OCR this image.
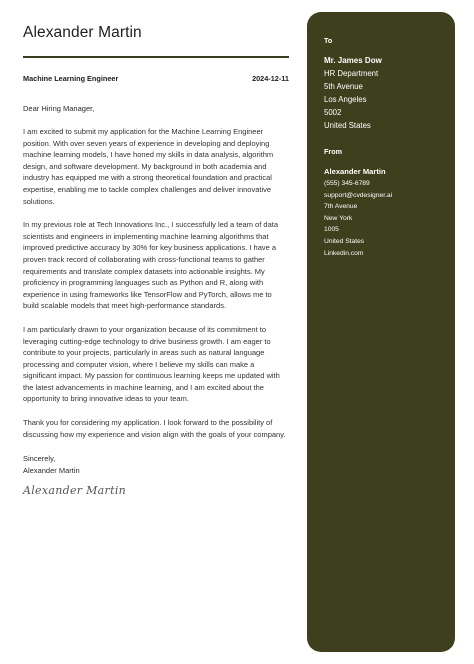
Alexander Martin
Machine Learning Engineer	2024-12-11

Dear Hiring Manager,

I am excited to submit my application for the Machine Learning Engineer position. With over seven years of experience in developing and deploying machine learning models, I have honed my skills in data analysis, algorithm design, and software development. My background in both academia and industry has equipped me with a strong theoretical foundation and practical expertise, enabling me to tackle complex challenges and deliver innovative solutions.

In my previous role at Tech Innovations Inc., I successfully led a team of data scientists and engineers in implementing machine learning algorithms that improved predictive accuracy by 30% for key business applications. I have a proven track record of collaborating with cross-functional teams to gather requirements and translate complex datasets into actionable insights. My proficiency in programming languages such as Python and R, along with experience in using frameworks like TensorFlow and PyTorch, allows me to build scalable models that meet high-performance standards.

I am particularly drawn to your organization because of its commitment to leveraging cutting-edge technology to drive business growth. I am eager to contribute to your projects, particularly in areas such as natural language processing and computer vision, where I believe my skills can make a significant impact. My passion for continuous learning keeps me updated with the latest advancements in machine learning, and I am excited about the opportunity to bring innovative ideas to your team.

Thank you for considering my application. I look forward to the possibility of discussing how my experience and vision align with the goals of your company.

Sincerely,
Alexander Martin
Alexander Martin
To
Mr. James Dow
HR Department
5th Avenue
Los Angeles
5002
United States
From
Alexander Martin
(555) 345-6789
support@cvdesigner.ai
7th Avenue
New York
1005
United States
Linkedin.com
